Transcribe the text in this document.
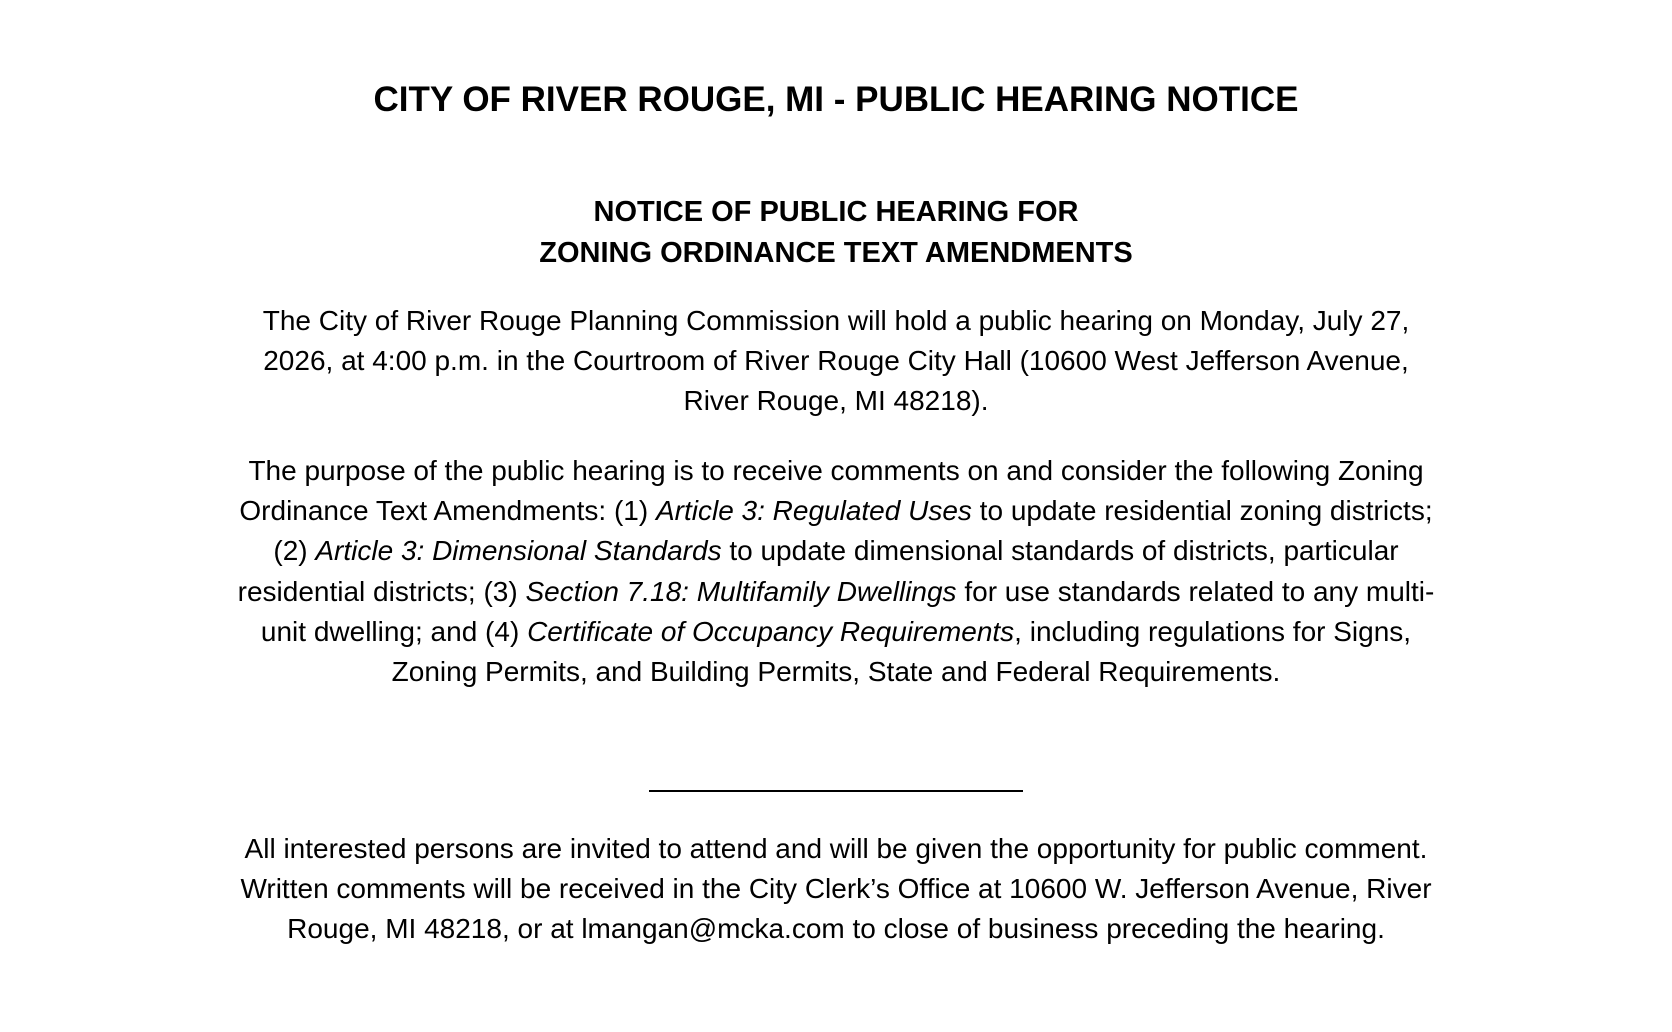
CITY OF RIVER ROUGE, MI - PUBLIC HEARING NOTICE
NOTICE OF PUBLIC HEARING FOR
ZONING ORDINANCE TEXT AMENDMENTS
The City of River Rouge Planning Commission will hold a public hearing on Monday, July 27, 2026, at 4:00 p.m. in the Courtroom of River Rouge City Hall (10600 West Jefferson Avenue, River Rouge, MI 48218).
The purpose of the public hearing is to receive comments on and consider the following Zoning Ordinance Text Amendments: (1) Article 3: Regulated Uses to update residential zoning districts; (2) Article 3: Dimensional Standards to update dimensional standards of districts, particular residential districts; (3) Section 7.18: Multifamily Dwellings for use standards related to any multi-unit dwelling; and (4) Certificate of Occupancy Requirements, including regulations for Signs, Zoning Permits, and Building Permits, State and Federal Requirements.
All interested persons are invited to attend and will be given the opportunity for public comment. Written comments will be received in the City Clerk’s Office at 10600 W. Jefferson Avenue, River Rouge, MI 48218, or at lmangan@mcka.com to close of business preceding the hearing.
